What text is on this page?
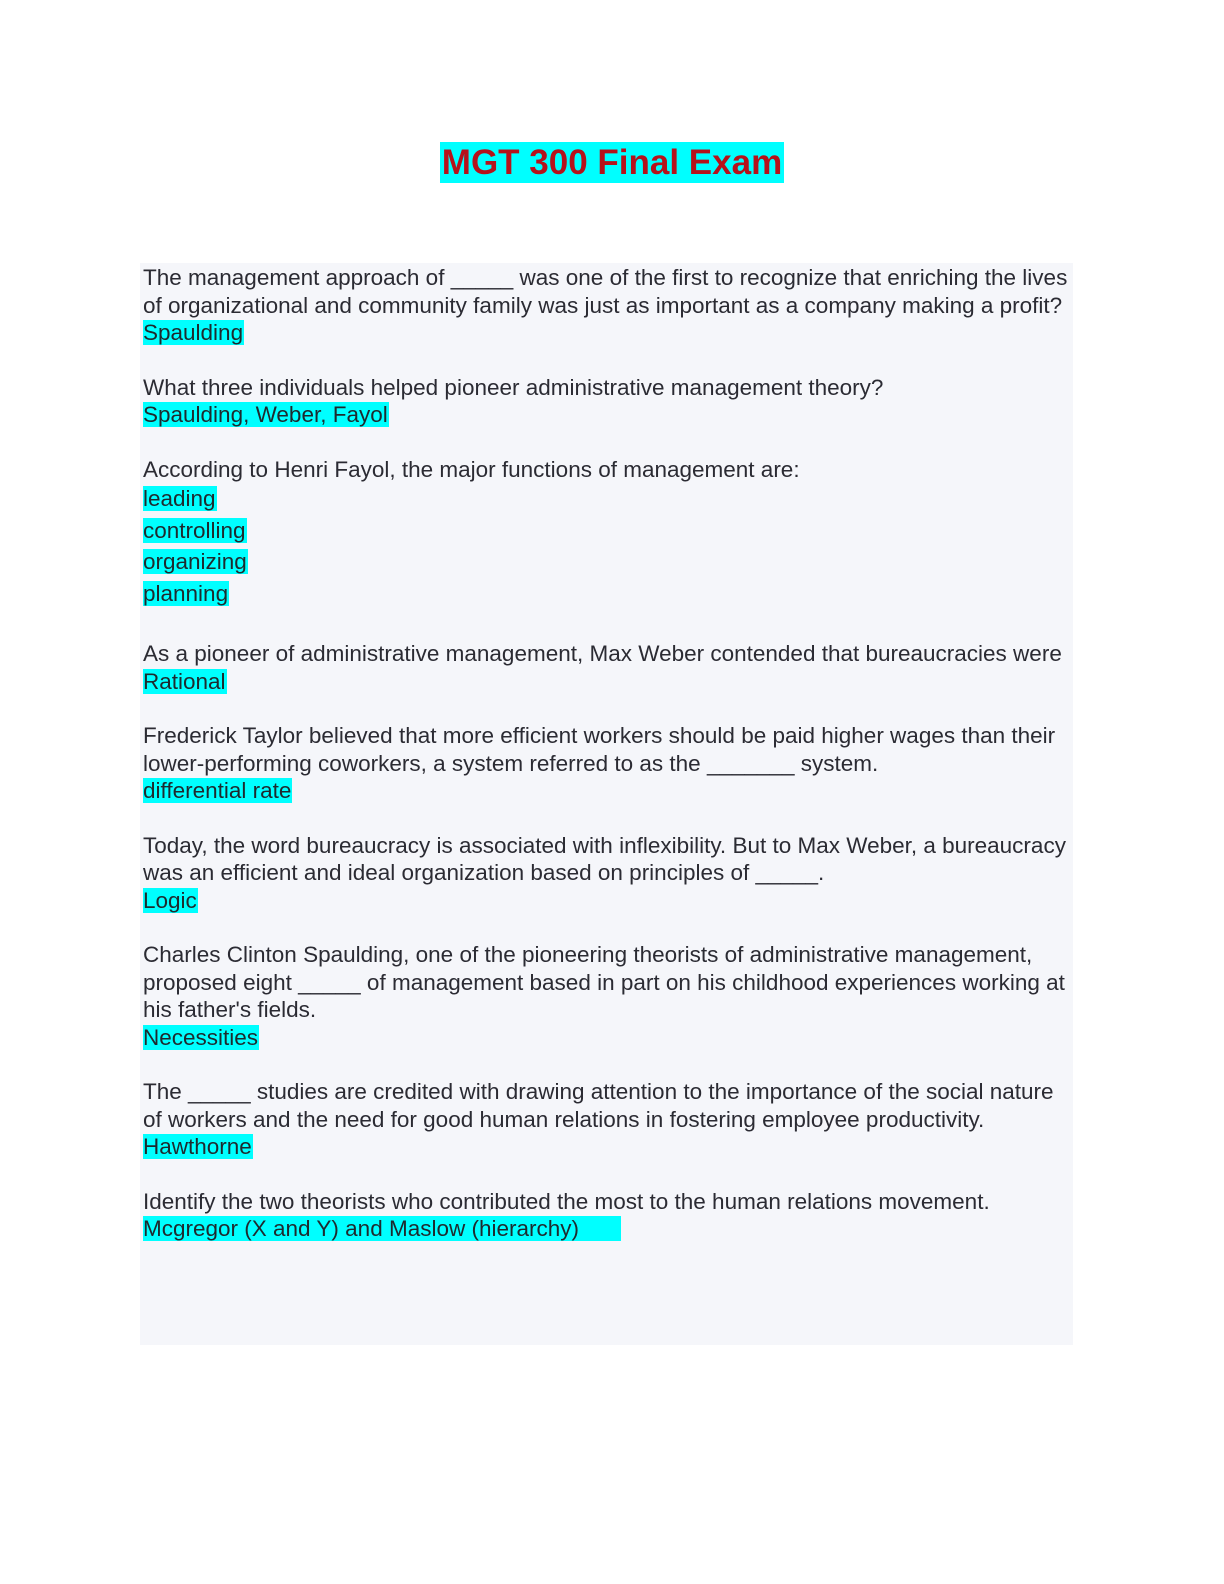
MGT 300 Final Exam

The management approach of _____ was one of the first to recognize that enriching the lives of organizational and community family was just as important as a company making a profit?

Spaulding

What three individuals helped pioneer administrative management theory?

Spaulding, Weber, Fayol

According to Henri Fayol, the major functions of management are:

leading
controlling
organizing
planning

As a pioneer of administrative management, Max Weber contended that bureaucracies were

Rational

Frederick Taylor believed that more efficient workers should be paid higher wages than their lower-performing coworkers, a system referred to as the _______ system.

differential rate

Today, the word bureaucracy is associated with inflexibility. But to Max Weber, a bureaucracy was an efficient and ideal organization based on principles of _____.

Logic

Charles Clinton Spaulding, one of the pioneering theorists of administrative management, proposed eight _____ of management based in part on his childhood experiences working at his father's fields.

Necessities

The _____ studies are credited with drawing attention to the importance of the social nature of workers and the need for good human relations in fostering employee productivity.

Hawthorne

Identify the two theorists who contributed the most to the human relations movement.

Mcgregor (X and Y) and Maslow (hierarchy)
